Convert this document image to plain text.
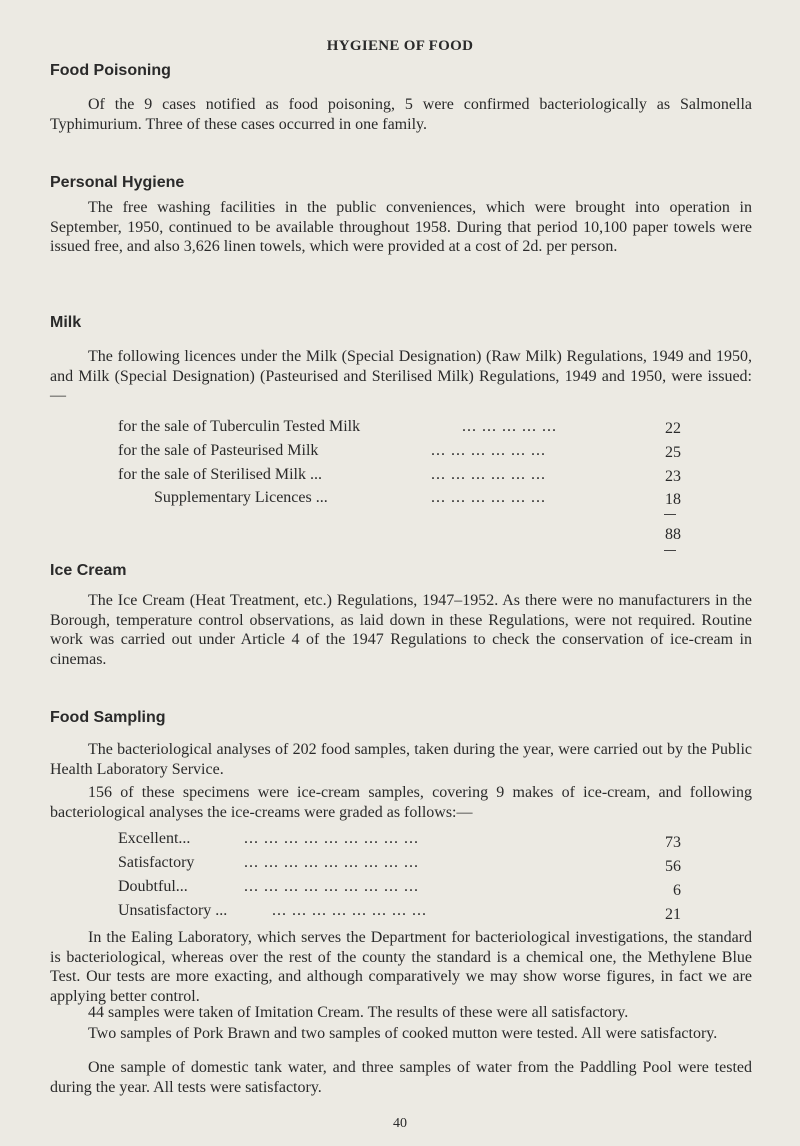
HYGIENE OF FOOD
Food Poisoning

Of the 9 cases notified as food poisoning, 5 were confirmed bacteriologically as Salmonella Typhimurium. Three of these cases occurred in one family.

Personal Hygiene

The free washing facilities in the public conveniences, which were brought into operation in September, 1950, continued to be available throughout 1958. During that period 10,100 paper towels were issued free, and also 3,626 linen towels, which were provided at a cost of 2d. per person.

Milk

The following licences under the Milk (Special Designation) (Raw Milk) Regulations, 1949 and 1950, and Milk (Special Designation) (Pasteurised and Sterilised Milk) Regulations, 1949 and 1950, were issued:—

for the sale of Tuberculin Tested Milk	... ... ... ... ...	22
for the sale of Pasteurised Milk	... ... ... ... ... ...	25
for the sale of Sterilised Milk ...	... ... ... ... ... ...	23
Supplementary Licences ...	... ... ... ... ... ...	18
88
Ice Cream

The Ice Cream (Heat Treatment, etc.) Regulations, 1947–1952. As there were no manufacturers in the Borough, temperature control observations, as laid down in these Regulations, were not required. Routine work was carried out under Article 4 of the 1947 Regulations to check the conservation of ice-cream in cinemas.

Food Sampling

The bacteriological analyses of 202 food samples, taken during the year, were carried out by the Public Health Laboratory Service.

156 of these specimens were ice-cream samples, covering 9 makes of ice-cream, and following bacteriological analyses the ice-creams were graded as follows:—

Excellent...	... ... ... ... ... ... ... ... ...	73
Satisfactory	... ... ... ... ... ... ... ... ...	56
Doubtful...	... ... ... ... ... ... ... ... ...	6
Unsatisfactory ...	... ... ... ... ... ... ... ...	21

In the Ealing Laboratory, which serves the Department for bacteriological investigations, the standard is bacteriological, whereas over the rest of the county the standard is a chemical one, the Methylene Blue Test. Our tests are more exacting, and although comparatively we may show worse figures, in fact we are applying better control.

44 samples were taken of Imitation Cream. The results of these were all satisfactory.

Two samples of Pork Brawn and two samples of cooked mutton were tested. All were satisfactory.

One sample of domestic tank water, and three samples of water from the Paddling Pool were tested during the year. All tests were satisfactory.

40
